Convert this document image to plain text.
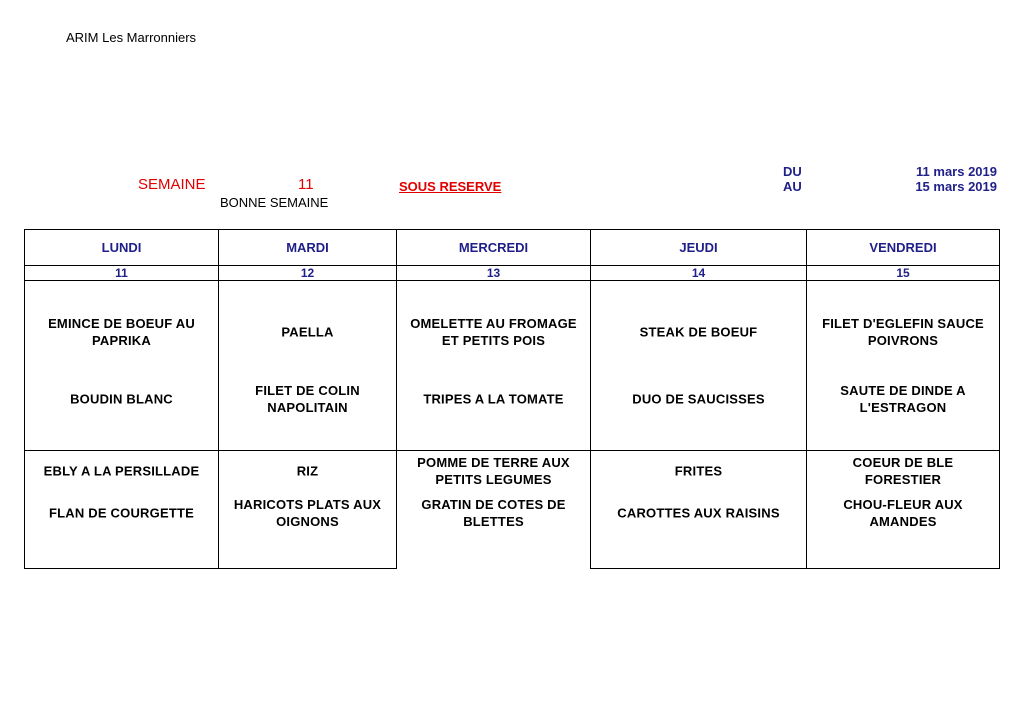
ARIM Les Marronniers
SEMAINE	11	SOUS RESERVE
BONNE SEMAINE
DU
AU
11 mars 2019
15 mars 2019
LUNDI
11
EMINCE DE BOEUF AU PAPRIKA
BOUDIN BLANC
EBLY A LA PERSILLADE
FLAN DE COURGETTE
MARDI
12
PAELLA
FILET DE COLIN NAPOLITAIN
RIZ
HARICOTS PLATS AUX OIGNONS
MERCREDI
13
OMELETTE AU FROMAGE ET PETITS POIS
TRIPES A LA TOMATE
POMME DE TERRE AUX PETITS LEGUMES
GRATIN DE COTES DE BLETTES
JEUDI
14
STEAK DE BOEUF
DUO DE SAUCISSES
FRITES
CAROTTES AUX RAISINS
VENDREDI
15
FILET D'EGLEFIN SAUCE POIVRONS
SAUTE DE DINDE A L'ESTRAGON
COEUR DE BLE FORESTIER
CHOU-FLEUR AUX AMANDES
